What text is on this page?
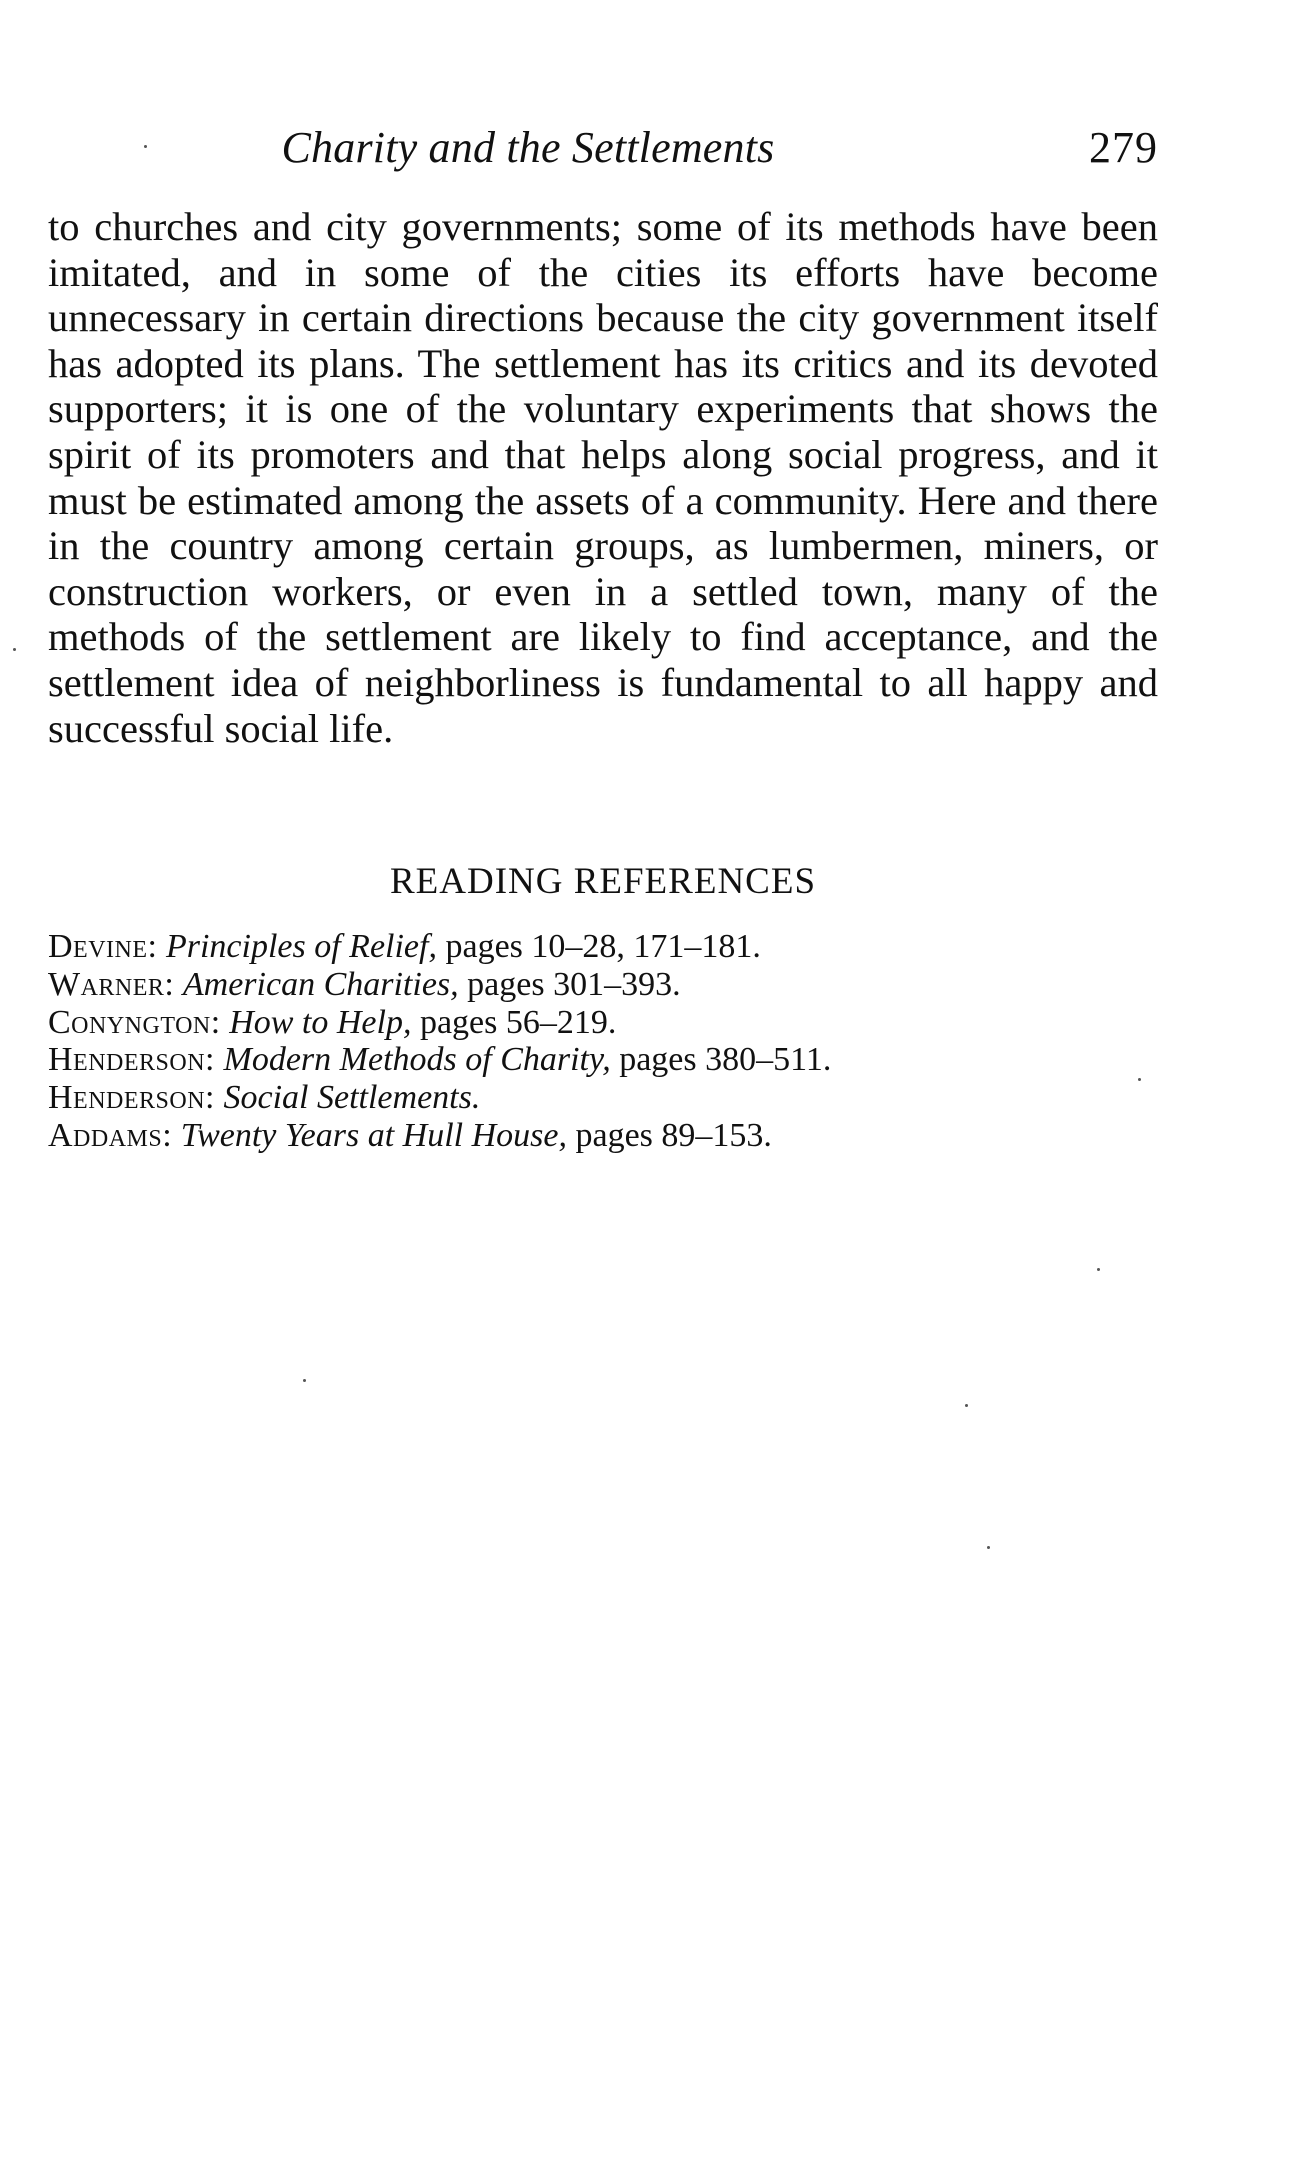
Charity and the Settlements	279

to churches and city governments; some of its methods have been imitated, and in some of the cities its efforts have become unnecessary in certain directions because the city government itself has adopted its plans. The settlement has its critics and its devoted supporters; it is one of the voluntary experiments that shows the spirit of its promoters and that helps along social progress, and it must be estimated among the assets of a community. Here and there in the country among certain groups, as lumbermen, miners, or construction workers, or even in a settled town, many of the methods of the settlement are likely to find acceptance, and the settlement idea of neighborliness is fundamental to all happy and successful social life.

READING REFERENCES
Devine: Principles of Relief, pages 10–28, 171–181.
Warner: American Charities, pages 301–393.
Conyngton: How to Help, pages 56–219.
Henderson: Modern Methods of Charity, pages 380–511.
Henderson: Social Settlements.
Addams: Twenty Years at Hull House, pages 89–153.
